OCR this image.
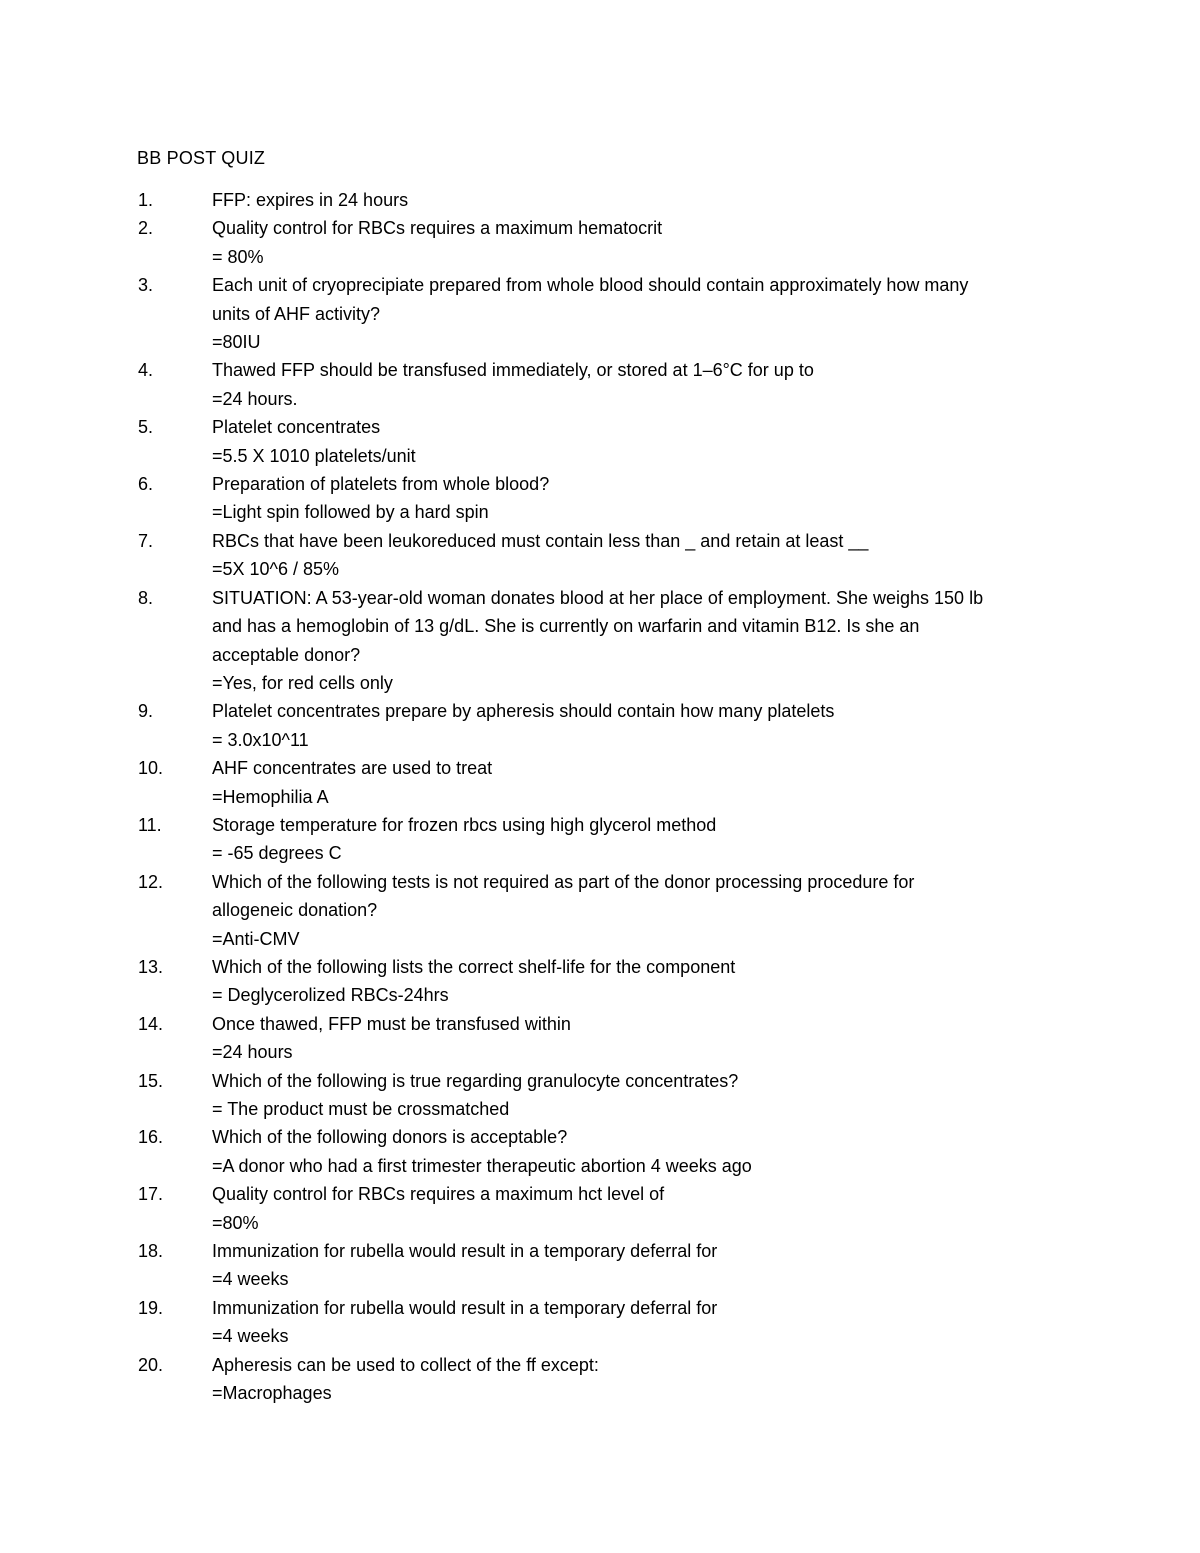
BB POST QUIZ
1.	FFP: expires in 24 hours
2.	Quality control for RBCs requires a maximum hematocrit
= 80%
3.	Each unit of cryoprecipiate prepared from whole blood should contain approximately how many
units of AHF activity?
=80IU
4.	Thawed FFP should be transfused immediately, or stored at 1–6°C for up to
=24 hours.
5.	Platelet concentrates
=5.5 X 1010 platelets/unit
6.	Preparation of platelets from whole blood?
=Light spin followed by a hard spin
7.	RBCs that have been leukoreduced must contain less than _ and retain at least __
=5X 10^6 / 85%
8.	SITUATION: A 53-year-old woman donates blood at her place of employment. She weighs 150 lb
and has a hemoglobin of 13 g/dL. She is currently on warfarin and vitamin B12. Is she an
acceptable donor?
=Yes, for red cells only
9.	Platelet concentrates prepare by apheresis should contain how many platelets
= 3.0x10^11
10.	AHF concentrates are used to treat
=Hemophilia A
11.	Storage temperature for frozen rbcs using high glycerol method
= -65 degrees C
12.	Which of the following tests is not required as part of the donor processing procedure for
allogeneic donation?
=Anti-CMV
13.	Which of the following lists the correct shelf-life for the component
= Deglycerolized RBCs-24hrs
14.	Once thawed, FFP must be transfused within
=24 hours
15.	Which of the following is true regarding granulocyte concentrates?
= The product must be crossmatched
16.	Which of the following donors is acceptable?
=A donor who had a first trimester therapeutic abortion 4 weeks ago
17.	Quality control for RBCs requires a maximum hct level of
=80%
18.	Immunization for rubella would result in a temporary deferral for
=4 weeks
19.	Immunization for rubella would result in a temporary deferral for
=4 weeks
20.	Apheresis can be used to collect of the ff except:
=Macrophages
